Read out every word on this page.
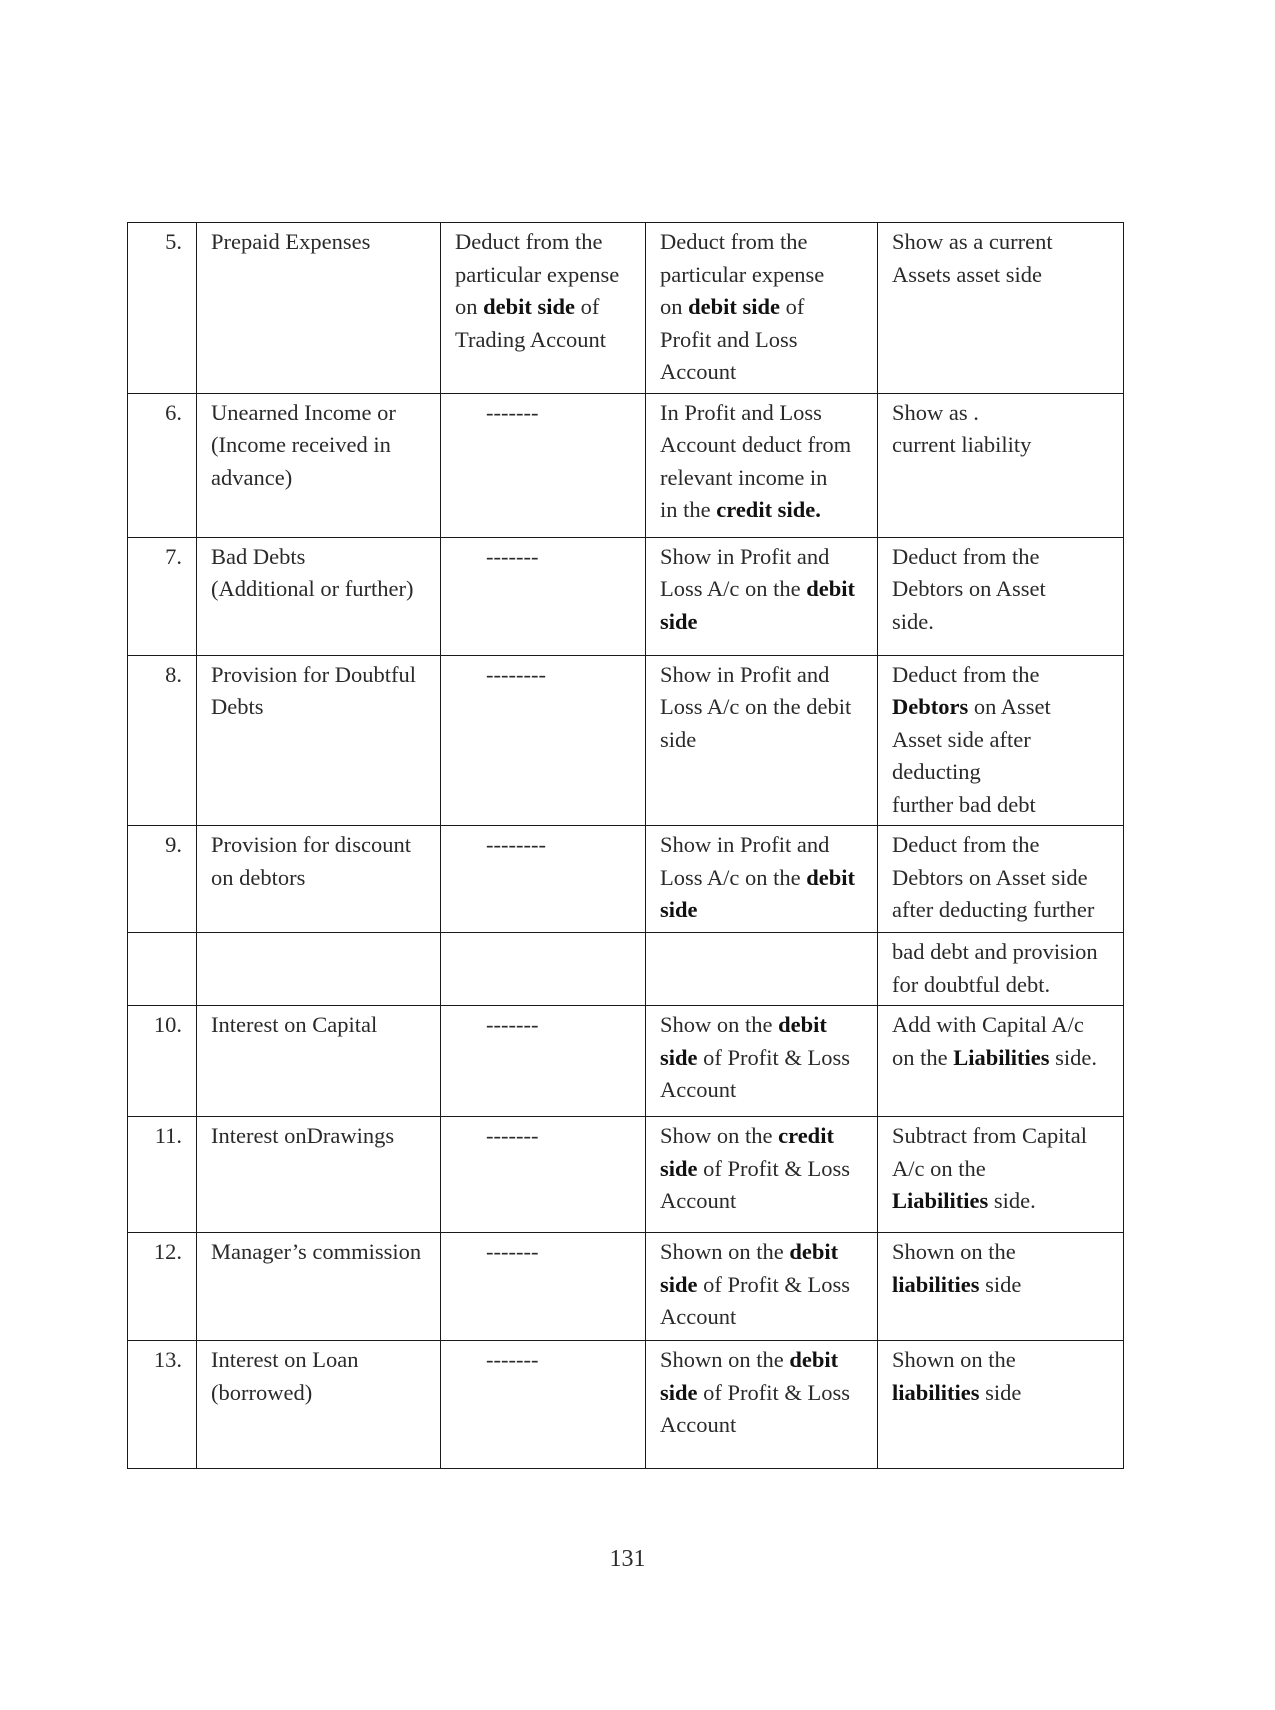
5.	Prepaid Expenses	Deduct from the
particular expense
on debit side of
Trading Account	Deduct from the
particular expense
on debit side of
Profit and Loss
Account	Show as a current
Assets asset side

6.	Unearned Income or
(Income received in
advance)	-------	In Profit and Loss
Account deduct from
relevant income in
in the credit side.	Show as .
current liability

7.	Bad Debts
(Additional or further)	-------	Show in Profit and
Loss A/c on the debit
side	Deduct from the
Debtors on Asset
side.

8.	Provision for Doubtful
Debts	--------	Show in Profit and
Loss A/c on the debit
side	Deduct from the
Debtors on Asset
Asset side after
deducting
further bad debt

9.	Provision for discount
on debtors	--------	Show in Profit and
Loss A/c on the debit
side	Deduct from the
Debtors on Asset side
after deducting further

				bad debt and provision
for doubtful debt.

10.	Interest on Capital	-------	Show on the debit
side of Profit & Loss
Account	Add with Capital A/c
on the Liabilities side.

11.	Interest onDrawings	-------	Show on the credit
side of Profit & Loss
Account	Subtract from Capital
A/c on the
Liabilities side.

12.	Manager’s commission	-------	Shown on the debit
side of Profit & Loss
Account	Shown on the
liabilities side

13.	Interest on Loan
(borrowed)	-------	Shown on the debit
side of Profit & Loss
Account	Shown on the
liabilities side
131
